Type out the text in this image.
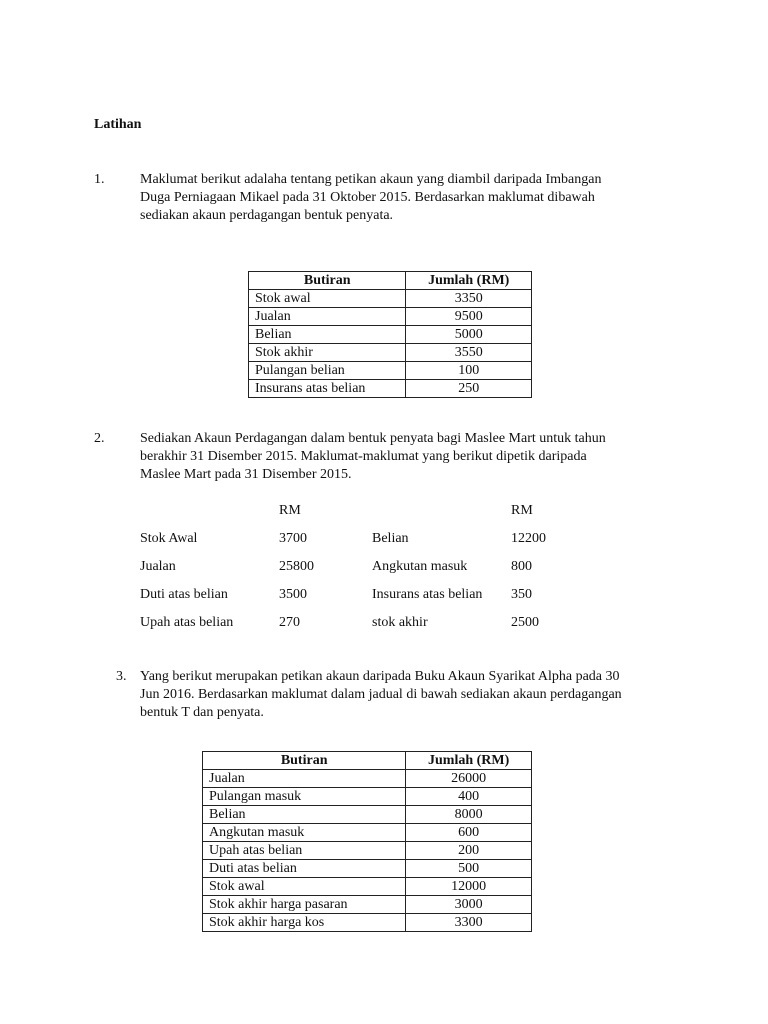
Latihan
1.	Maklumat berikut adalaha tentang petikan akaun yang diambil daripada Imbangan
Duga Perniagaan Mikael pada 31 Oktober 2015. Berdasarkan maklumat dibawah
sediakan akaun perdagangan bentuk penyata.
Butiran	Jumlah (RM)
Stok awal	3350
Jualan	9500
Belian	5000
Stok akhir	3550
Pulangan belian	100
Insurans atas belian	250
2.	Sediakan Akaun Perdagangan dalam bentuk penyata bagi Maslee Mart untuk tahun
berakhir 31 Disember 2015. Maklumat-maklumat yang berikut dipetik daripada
Maslee Mart pada 31 Disember 2015.
RM	RM
Stok Awal	3700	Belian	12200
Jualan	25800	Angkutan masuk	800
Duti atas belian	3500	Insurans atas belian 350
Upah atas belian	270	stok akhir	2500
3. Yang berikut merupakan petikan akaun daripada Buku Akaun Syarikat Alpha pada 30
Jun 2016. Berdasarkan maklumat dalam jadual di bawah sediakan akaun perdagangan
bentuk T dan penyata.
Butiran	Jumlah (RM)
Jualan	26000
Pulangan masuk	400
Belian	8000
Angkutan masuk	600
Upah atas belian	200
Duti atas belian	500
Stok awal	12000
Stok akhir harga pasaran	3000
Stok akhir harga kos	3300
